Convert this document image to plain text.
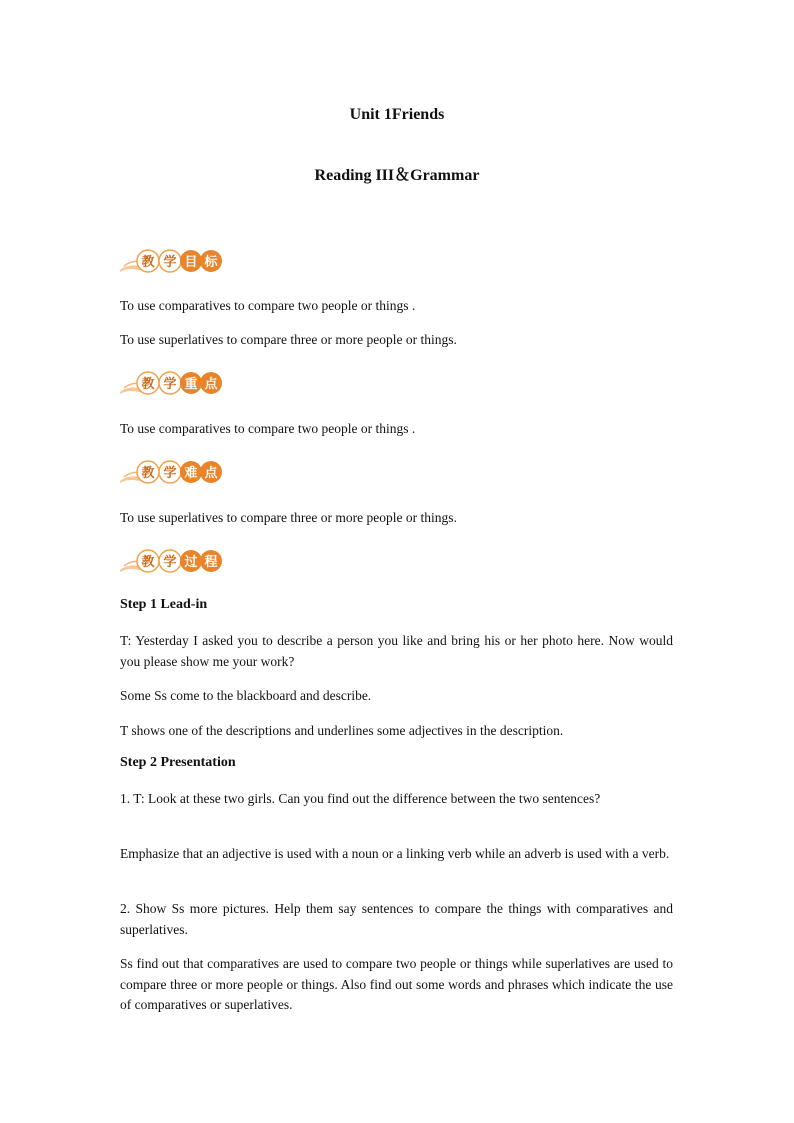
Unit 1Friends
Reading III＆Grammar
教 学 目 标
To use comparatives to compare two people or things .
To use superlatives to compare three or more people or things.
教 学 重 点
To use comparatives to compare two people or things .
教 学 难 点
To use superlatives to compare three or more people or things.
教 学 过 程
Step 1 Lead-in
T: Yesterday I asked you to describe a person you like and bring his or her photo here. Now would you please show me your work?
Some Ss come to the blackboard and describe.
T shows one of the descriptions and underlines some adjectives in the description.
Step 2 Presentation
1. T: Look at these two girls. Can you find out the difference between the two sentences?
Emphasize that an adjective is used with a noun or a linking verb while an adverb is used with a verb.
2. Show Ss more pictures. Help them say sentences to compare the things with comparatives and superlatives.
Ss find out that comparatives are used to compare two people or things while superlatives are used to compare three or more people or things. Also find out some words and phrases which indicate the use of comparatives or superlatives.
